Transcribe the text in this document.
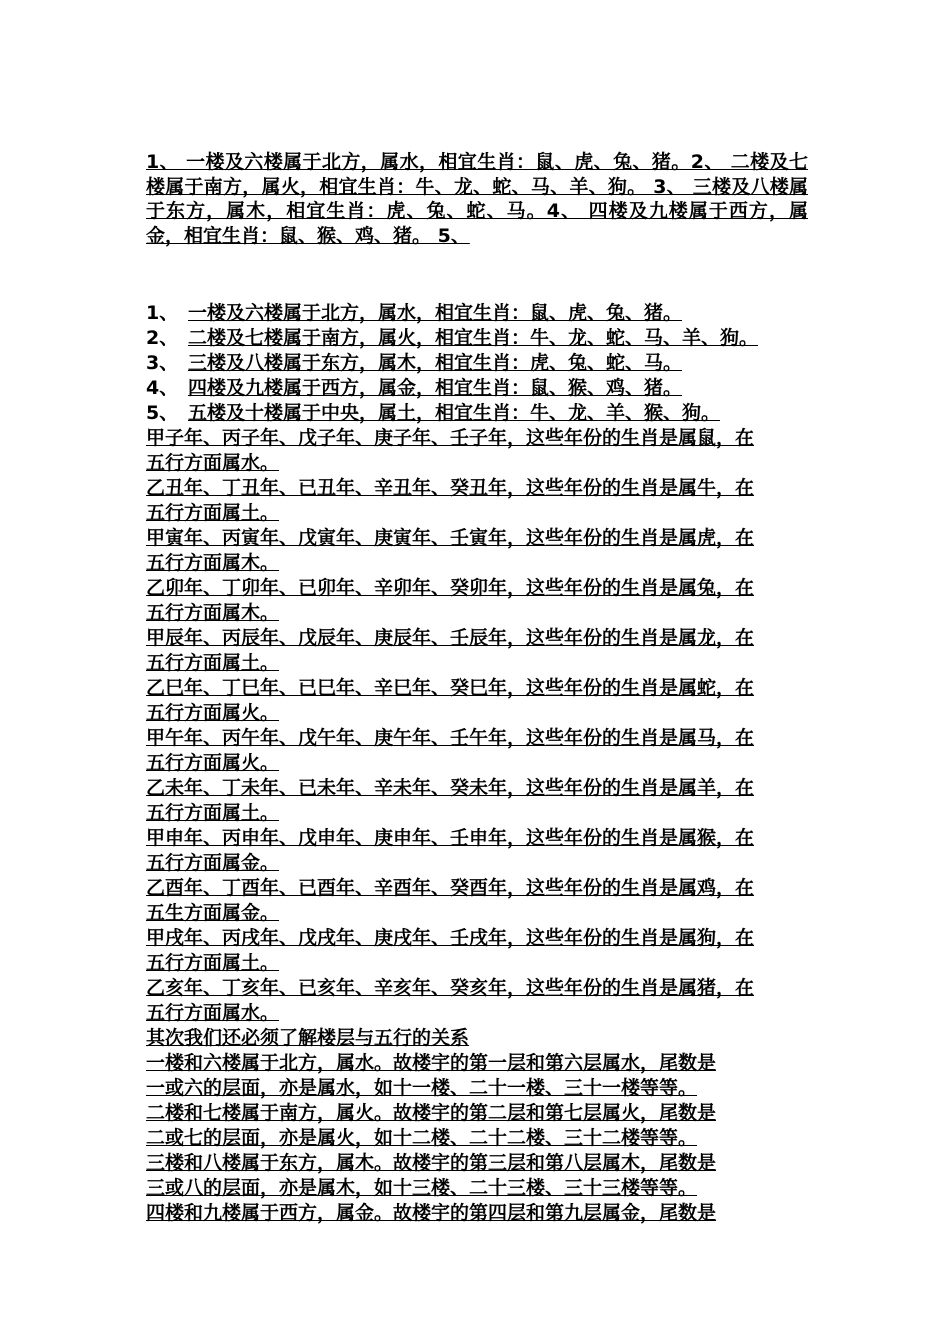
1、 一楼及六楼属于北方，属水，相宜生肖：鼠、虎、兔、猪。2、 二楼及七楼属于南方，属火，相宜生肖：牛、龙、蛇、马、羊、狗。 3、 三楼及八楼属于东方，属木，相宜生肖：虎、兔、蛇、马。4、 四楼及九楼属于西方，属金，相宜生肖：鼠、猴、鸡、猪。 5、

1、 一楼及六楼属于北方，属水，相宜生肖：鼠、虎、兔、猪。
2、 二楼及七楼属于南方，属火，相宜生肖：牛、龙、蛇、马、羊、狗。
3、 三楼及八楼属于东方，属木，相宜生肖：虎、兔、蛇、马。
4、 四楼及九楼属于西方，属金，相宜生肖：鼠、猴、鸡、猪。
5、 五楼及十楼属于中央，属土，相宜生肖：牛、龙、羊、猴、狗。
甲子年、丙子年、戊子年、庚子年、壬子年，这些年份的生肖是属鼠，在
五行方面属水。
乙丑年、丁丑年、已丑年、辛丑年、癸丑年，这些年份的生肖是属牛，在
五行方面属土。
甲寅年、丙寅年、戊寅年、庚寅年、壬寅年，这些年份的生肖是属虎，在
五行方面属木。
乙卯年、丁卯年、已卯年、辛卯年、癸卯年，这些年份的生肖是属兔，在
五行方面属木。
甲辰年、丙辰年、戊辰年、庚辰年、壬辰年，这些年份的生肖是属龙，在
五行方面属土。
乙巳年、丁巳年、已巳年、辛巳年、癸巳年，这些年份的生肖是属蛇，在
五行方面属火。
甲午年、丙午年、戊午年、庚午年、壬午年，这些年份的生肖是属马，在
五行方面属火。
乙未年、丁未年、已未年、辛未年、癸未年，这些年份的生肖是属羊，在
五行方面属土。
甲申年、丙申年、戊申年、庚申年、壬申年，这些年份的生肖是属猴，在
五行方面属金。
乙酉年、丁酉年、已酉年、辛酉年、癸酉年，这些年份的生肖是属鸡，在
五生方面属金。
甲戌年、丙戌年、戊戌年、庚戌年、壬戌年，这些年份的生肖是属狗，在
五行方面属土。
乙亥年、丁亥年、已亥年、辛亥年、癸亥年，这些年份的生肖是属猪，在
五行方面属水。
其次我们还必须了解楼层与五行的关系
一楼和六楼属于北方，属水。故楼宇的第一层和第六层属水，尾数是
一或六的层面，亦是属水，如十一楼、二十一楼、三十一楼等等。
二楼和七楼属于南方，属火。故楼宇的第二层和第七层属火，尾数是
二或七的层面，亦是属火，如十二楼、二十二楼、三十二楼等等。
三楼和八楼属于东方，属木。故楼宇的第三层和第八层属木，尾数是
三或八的层面，亦是属木，如十三楼、二十三楼、三十三楼等等。
四楼和九楼属于西方，属金。故楼宇的第四层和第九层属金，尾数是
